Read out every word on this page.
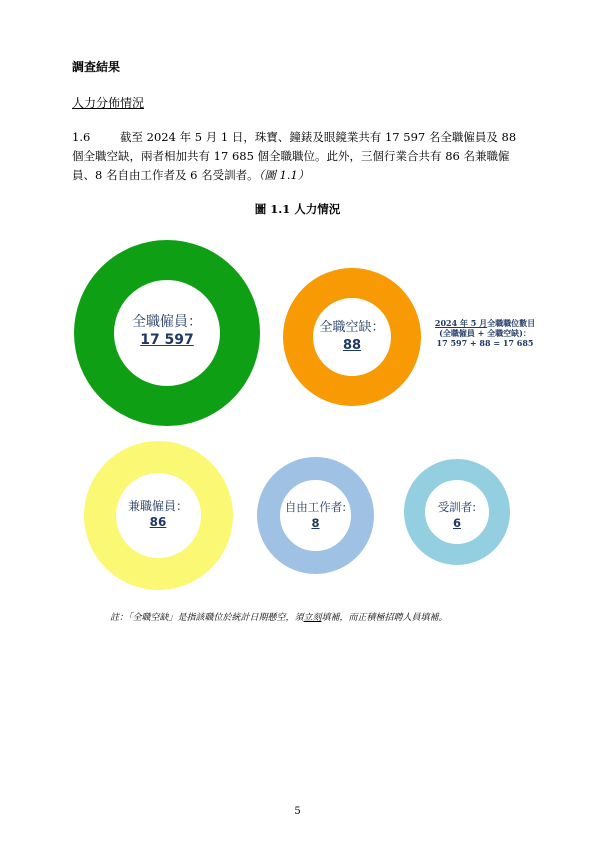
調查結果
人力分佈情況
1.6	截至 2024 年 5 月 1 日，珠寶、鐘錶及眼鏡業共有 17 597 名全職僱員及 88 個全職空缺，兩者相加共有 17 685 個全職職位。此外，三個行業合共有 86 名兼職僱員、8 名自由工作者及 6 名受訓者。（圖 1.1）
圖 1.1 人力情況
全職僱員：
17 597
全職空缺：
88
2024 年 5 月全職職位數目
(全職僱員 + 全職空缺)：
17 597 + 88 = 17 685
兼職僱員：
86
自由工作者:
8
受訓者:
6
註：「全職空缺」是指該職位於統計日期懸空，須立刻填補，而正積極招聘人員填補。
5
